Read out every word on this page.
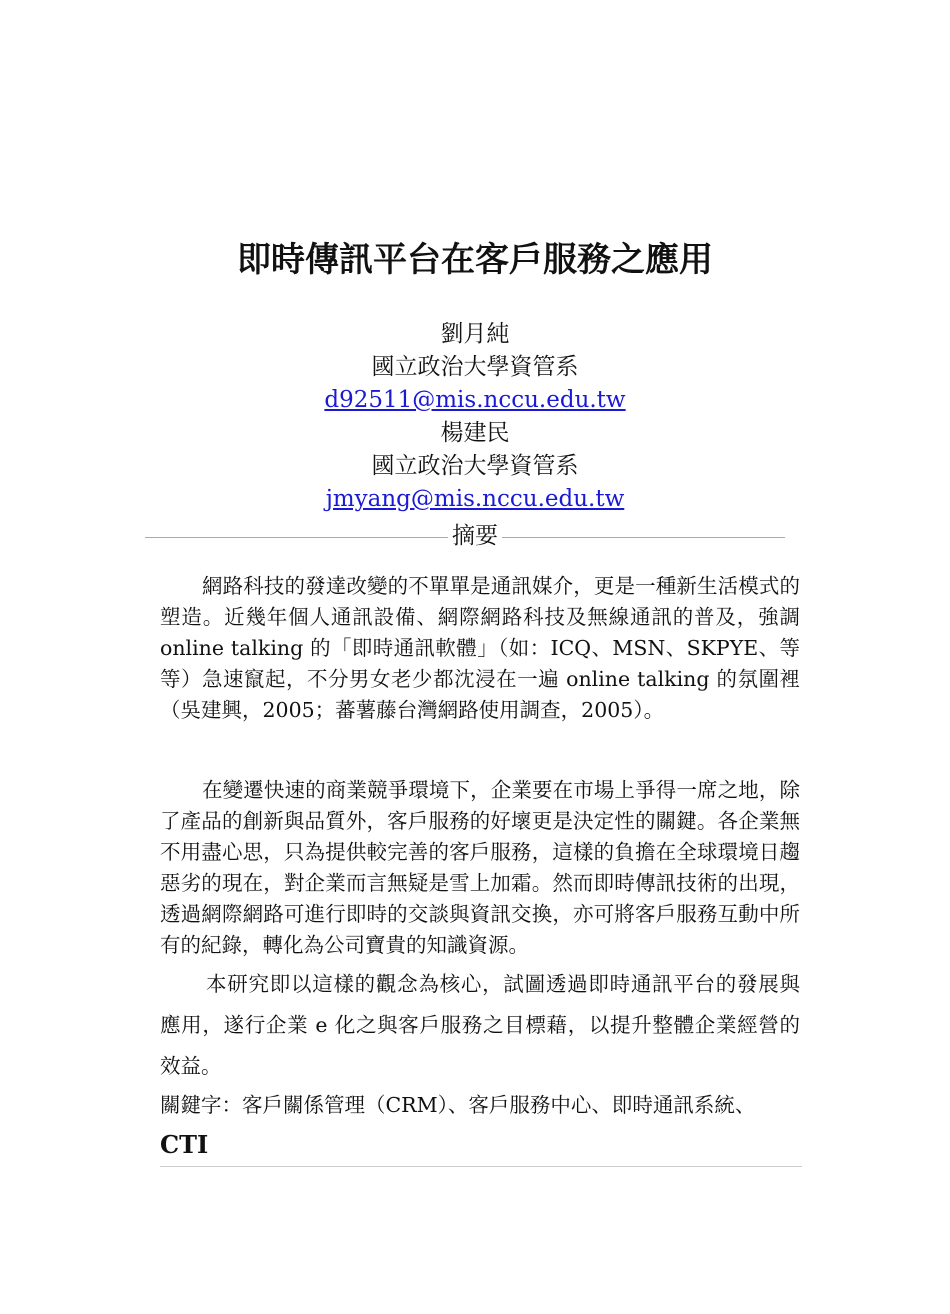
即時傳訊平台在客戶服務之應用
劉月純
國立政治大學資管系
d92511@mis.nccu.edu.tw
楊建民
國立政治大學資管系
jmyang@mis.nccu.edu.tw
摘要

網路科技的發達改變的不單單是通訊媒介，更是一種新生活模式的塑造。近幾年個人通訊設備、網際網路科技及無線通訊的普及，強調 online talking 的「即時通訊軟體」（如：ICQ、MSN、SKPYE、等等）急速竄起，不分男女老少都沈浸在一遍 online talking 的氛圍裡（吳建興，2005；蕃薯藤台灣網路使用調查，2005）。

在變遷快速的商業競爭環境下，企業要在市場上爭得一席之地，除了產品的創新與品質外，客戶服務的好壞更是決定性的關鍵。各企業無不用盡心思，只為提供較完善的客戶服務，這樣的負擔在全球環境日趨惡劣的現在，對企業而言無疑是雪上加霜。然而即時傳訊技術的出現，透過網際網路可進行即時的交談與資訊交換，亦可將客戶服務互動中所有的紀錄，轉化為公司寶貴的知識資源。

本研究即以這樣的觀念為核心，試圖透過即時通訊平台的發展與應用，遂行企業 e 化之與客戶服務之目標藉，以提升整體企業經營的效益。

關鍵字：客戶關係管理（CRM）、客戶服務中心、即時通訊系統、
CTI
